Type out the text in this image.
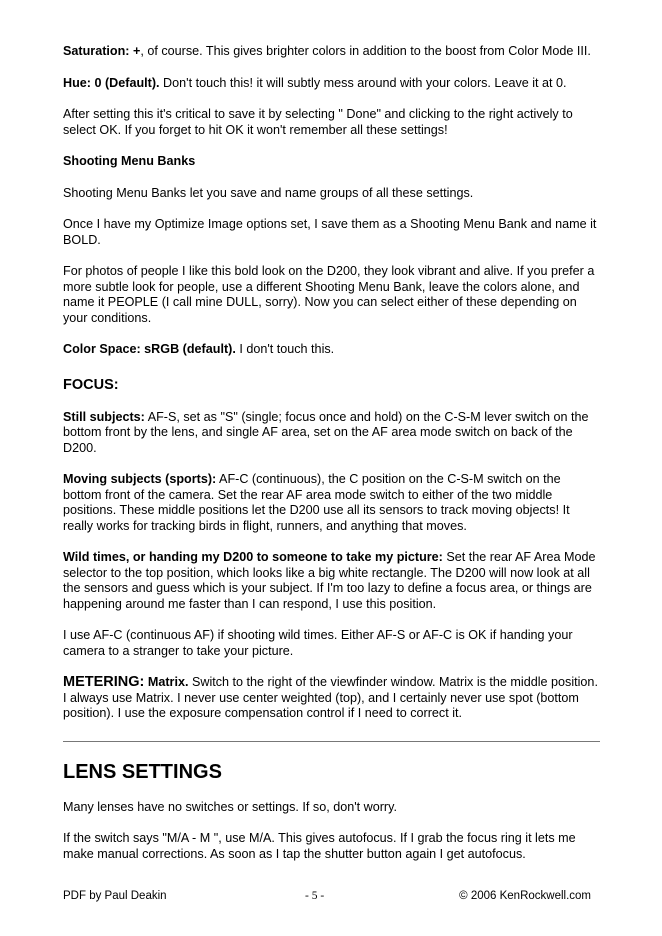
Saturation: +, of course. This gives brighter colors in addition to the boost from Color Mode III.

Hue: 0 (Default). Don't touch this! it will subtly mess around with your colors. Leave it at 0.

After setting this it's critical to save it by selecting " Done" and clicking to the right actively to select OK. If you forget to hit OK it won't remember all these settings!

Shooting Menu Banks

Shooting Menu Banks let you save and name groups of all these settings.

Once I have my Optimize Image options set, I save them as a Shooting Menu Bank and name it BOLD.

For photos of people I like this bold look on the D200, they look vibrant and alive. If you prefer a more subtle look for people, use a different Shooting Menu Bank, leave the colors alone, and name it PEOPLE (I call mine DULL, sorry). Now you can select either of these depending on your conditions.

Color Space: sRGB (default). I don't touch this.

FOCUS:

Still subjects: AF-S, set as "S" (single; focus once and hold) on the C-S-M lever switch on the bottom front by the lens, and single AF area, set on the AF area mode switch on back of the D200.

Moving subjects (sports): AF-C (continuous), the C position on the C-S-M switch on the bottom front of the camera. Set the rear AF area mode switch to either of the two middle positions. These middle positions let the D200 use all its sensors to track moving objects! It really works for tracking birds in flight, runners, and anything that moves.

Wild times, or handing my D200 to someone to take my picture: Set the rear AF Area Mode selector to the top position, which looks like a big white rectangle. The D200 will now look at all the sensors and guess which is your subject. If I'm too lazy to define a focus area, or things are happening around me faster than I can respond, I use this position.

I use AF-C (continuous AF) if shooting wild times. Either AF-S or AF-C is OK if handing your camera to a stranger to take your picture.

METERING: Matrix. Switch to the right of the viewfinder window. Matrix is the middle position. I always use Matrix. I never use center weighted (top), and I certainly never use spot (bottom position). I use the exposure compensation control if I need to correct it.

LENS SETTINGS

Many lenses have no switches or settings. If so, don't worry.

If the switch says "M/A - M ", use M/A. This gives autofocus. If I grab the focus ring it lets me make manual corrections. As soon as I tap the shutter button again I get autofocus.

PDF by Paul Deakin	- 5 -	© 2006 KenRockwell.com
